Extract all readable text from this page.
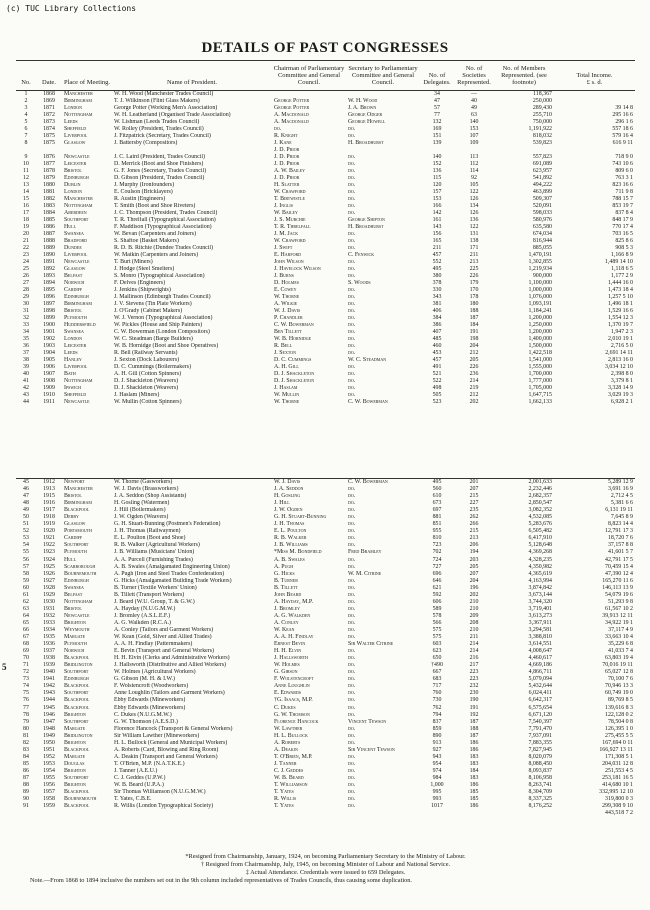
(c) TUC Library Collections
DETAILS OF PAST CONGRESSES
5
No.	Date.	Place of Meeting.	Name of President.	Chairman of Parliamentary Committee and General Council.	Secretary to Parliamentary Committee and General Council.	No. of Delegates.	No. of Societies Represented.	No. of Members Represented. (see footnote)	Total Income.
£ s. d.

1	1868	Manchester	W. H. Wood (Manchester Trades Council)			34	—	118,367	
2	1869	Birmingham	T. J. Wilkinson (Flint Glass Makers)	George Potter	W. H. Wood	47	40	250,000	
3	1871	London	George Potter (Working Men's Association)	George Potter	J. A. Brown	57	49	289,430	39 14 8
4	1872	Nottingham	W. H. Leatherland (Organised Trade Association)	A. Macdonald	George Odger	77	63	255,710	295 16 6
5	1873	Leeds	W. Lishman (Leeds Trades Council)	A. Macdonald	George Howell	132	140	750,000	296 1 6
6	1874	Sheffield	W. Rolley (President, Trades Council)	do.	do.	169	153	1,191,922	557 18 6
7	1875	Liverpool	J. Fitzpatrick (Secretary, Trades Council)	R. Knight	do.	151	107	818,032	579 16 4
8	1875	Glasgow	J. Battersby (Compositors)	J. Kane	H. Broadhurst	139	109	539,823	616 9 11
				J. D. Prior					
9	1876	Newcastle	J. C. Laird (President, Trades Council)	J. D. Prior	do.	140	113	557,823	718 9 0
10	1877	Leicester	D. Merrick (Boot and Shoe Finishers)	J. D. Prior	do.	152	112	691,089	743 10 6
11	1878	Bristol	G. F. Jones (Secretary, Trades Council)	A. W. Bailey	do.	136	114	623,957	809 6 0
12	1879	Edinburgh	D. Gibson (President, Trades Council)	J. D. Prior	do.	115	92	541,892	763 3 1
13	1880	Dublin	J. Murphy (Ironfounders)	H. Slatter	do.	120	105	494,222	823 16 6
14	1881	London	E. Coulson (Bricklayers)	W. Crawford	do.	157	122	463,899	711 9 8
15	1882	Manchester	R. Austin (Engineers)	T. Birtwistle	do.	153	126	509,307	788 15 7
16	1883	Nottingham	T. Smith (Boot and Shoe Riveters)	J. Inglis	do.	166	134	520,091	853 19 7
17	1884	Aberdeen	J. C. Thompson (President, Trades Council)	W. Bailey	do.	142	126	598,033	837 8 4
18	1885	Southport	T. R. Threlfall (Typographical Association)	J. S. Murchie	George Shipton	161	136	580,976	848 17 9
19	1886	Hull	F. Maddison (Typographical Association)	T. R. Threlfall	H. Broadhurst	143	122	635,580	770 17 4
20	1887	Swansea	W. Bevan (Carpenters and Joiners)	J. M. Jack	do.	156	131	674,034	703 16 5
21	1888	Bradford	S. Shaftoe (Basket Makers)	W. Crawford	do.	165	138	816,944	825 8 6
22	1889	Dundee	R. D. B. Ritchie (Dundee Trades Council)	J. Swift	do.	211	171	885,055	908 5 3
23	1890	Liverpool	W. Matkin (Carpenters and Joiners)	E. Harford	C. Fenwick	457	211	1,470,191	1,166 8 9
24	1891	Newcastle	T. Burt (Miners)	John Wilson	do.	552	213	1,302,855	1,489 14 10
25	1892	Glasgow	J. Hodge (Steel Smelters)	J. Havelock Wilson	do.	495	225	1,219,934	1,118 6 5
26	1893	Belfast	S. Monro (Typographical Association)	J. Burns	do.	380	226	900,000	1,177 2 9
27	1894	Norwich	F. Delves (Engineers)	D. Holmes	S. Woods	378	179	1,100,000	1,444 16 0
28	1895	Cardiff	J. Jenkins (Shipwrights)	E. Cowey	do.	330	170	1,000,000	1,473 18 4
29	1896	Edinburgh	J. Mallinson (Edinburgh Trades Council)	W. Thorne	do.	343	178	1,076,000	1,257 5 10
30	1897	Birmingham	J. V. Stevens (Tin Plate Workers)	A. Wilkie	do.	381	180	1,093,191	1,496 18 1
31	1898	Bristol	J. O'Grady (Cabinet Makers)	W. J. Davis	do.	406	188	1,184,241	1,529 16 6
32	1899	Plymouth	W. J. Vernon (Typographical Association)	P. Chandler	do.	384	187	1,200,000	1,554 12 3
33	1900	Huddersfield	W. Pickles (House and Ship Painters)	C. W. Bowerman	do.	386	184	1,250,000	1,370 19 7
34	1901	Swansea	C. W. Bowerman (London Compositors)	Ben Tillett	do.	407	191	1,200,000	1,947 2 3
35	1902	London	W. C. Steadman (Barge Builders)	W. B. Hornidge	do.	485	198	1,400,000	2,010 19 1
36	1903	Leicester	W. B. Hornidge (Boot and Shoe Operatives)	R. Bell	do.	460	204	1,500,000	2,716 5 0
37	1904	Leeds	R. Bell (Railway Servants)	J. Sexton	do.	453	212	1,422,518	2,691 14 11
38	1905	Hanley	J. Sexton (Dock Labourers)	D. C. Cummings	W. C. Steadman	457	205	1,541,000	2,813 16 0
39	1906	Liverpool	D. C. Cummings (Boilermakers)	A. H. Gill	do.	491	226	1,555,000	3,034 12 10
40	1907	Bath	A. H. Gill (Cotton Spinners)	D. J. Shackleton	do.	521	236	1,700,000	2,398 8 0
41	1908	Nottingham	D. J. Shackleton (Weavers)	D. J. Shackleton	do.	522	214	1,777,000	3,379 8 1
42	1909	Ipswich	D. J. Shackleton (Weavers)	J. Haslam	do.	498	219	1,705,000	3,328 14 9
43	1910	Sheffield	J. Haslam (Miners)	W. Mullin	do.	505	212	1,647,715	3,029 19 3
44	1911	Newcastle	W. Mullin (Cotton Spinners)	W. Thorne	C. W. Bowerman	523	202	1,662,133	6,928 2 1
45	1912	Newport	W. Thorne (Gasworkers)	W. J. Davis	C. W. Bowerman	495	201	2,001,633	5,289 12 9
46	1913	Manchester	W. J. Davis (Brassworkers)	J. A. Seddon	do.	560	207	2,232,446	3,691 16 9
47	1915	Bristol	J. A. Seddon (Shop Assistants)	H. Gosling	do.	610	215	2,682,357	2,712 4 5
48	1916	Birmingham	H. Gosling (Watermen)	J. Hill	do.	673	227	2,850,547	5,381 6 6
49	1917	Blackpool	J. Hill (Boilermakers)	J. W. Ogden	do.	697	235	3,082,352	6,131 19 11
50	1918	Derby	J. W. Ogden (Weavers)	G. H. Stuart-Bunning	do.	881	262	4,532,085	7,645 8 9
51	1919	Glasgow	G. H. Stuart-Bunning (Postmen's Federation)	J. H. Thomas	do.	851	266	5,283,676	8,823 14 4
52	1920	Portsmouth	J. H. Thomas (Railwaymen)	E. L. Poulton	do.	955	215	6,505,482	12,791 17 3
53	1921	Cardiff	E. L. Poulton (Boot and Shoe)	R. B. Walker	do.	810	213	6,417,910	18,720 7 6
54	1922	Southport	R. B. Walker (Agricultural Workers)	J. B. Williams	do.	723	206	5,128,648	37,157 8 8
55	1923	Plymouth	J. B. Williams (Musicians' Union)	*Miss M. Bondfield	Fred Bramley	702	194	4,369,268	41,601 5 7
56	1924	Hull	A. A. Purcell (Furnishing Trades)	A. B. Swales	do.	724	203	4,328,235	42,791 17 5
57	1925	Scarborough	A. B. Swales (Amalgamated Engineering Union)	A. Pugh	do.	727	205	4,350,982	70,459 15 4
58	1926	Bournemouth	A. Pugh (Iron and Steel Trades Confederation)	G. Hicks	W. M. Citrine	696	207	4,365,619	47,390 12 4
59	1927	Edinburgh	G. Hicks (Amalgamated Building Trade Workers)	B. Turner	do.	646	204	4,163,994	165,270 11 6
60	1928	Swansea	B. Turner (Textile Workers' Union)	B. Tillett	do.	621	196	3,874,842	146,113 13 9
61	1929	Belfast	B. Tillett (Transport Workers)	John Beard	do.	592	202	3,673,144	54,079 19 6
62	1930	Nottingham	J. Beard (W.U. Group, T. & G.W.)	A. Hayday, M.P.	do.	606	210	3,744,320	51,293 9 8
63	1931	Bristol	A. Hayday (N.U.G.M.W.)	J. Bromley	do.	589	210	3,719,401	61,567 10 2
64	1932	Newcastle	J. Bromley (A.S.L.E.F.)	A. G. Walkden	do.	578	209	3,613,273	39,913 12 11
65	1933	Brighton	A. G. Walkden (R.C.A.)	A. Conley	do.	566	208	3,367,911	34,922 19 1
66	1934	Weymouth	A. Conley (Tailors and Garment Workers)	W. Kean	do.	575	210	3,294,581	37,117 4 9
67	1935	Margate	W. Kean (Gold, Silver and Allied Trades)	A. A. H. Findlay	do.	575	211	3,388,810	33,663 10 4
68	1936	Plymouth	A. A. H. Findlay (Patternmakers)	Ernest Bevin	Sir Walter Citrine	603	214	3,614,551	35,229 6 8
69	1937	Norwich	E. Bevin (Transport and General Workers)	H. H. Elvin	do.	623	214	4,008,647	41,033 7 4
70	1938	Blackpool	H. H. Elvin (Clerks and Administrative Workers)	J. Hallsworth	do.	650	216	4,460,617	63,803 19 4
71	1939	Bridlington	J. Hallsworth (Distributive and Allied Workers)	W. Holmes	do.	†490	217	4,669,186	70,016 19 11
72	1940	Southport	W. Holmes (Agricultural Workers)	G. Gibson	do.	667	223	4,866,711	65,027 12 8
73	1941	Edinburgh	G. Gibson (M. H. & I.W.)	F. Wolstencroft	do.	683	223	5,079,094	70,100 7 6
74	1942	Blackpool	F. Wolstencroft (Woodworkers)	Anne Loughlin	do.	717	232	5,432,644	70,946 13 3
75	1943	Southport	Anne Loughlin (Tailors and Garment Workers)	E. Edwards	do.	760	230	6,024,411	60,749 19 0
76	1944	Blackpool	Ebby Edwards (Mineworkers)	†G. Isaacs, M.P.	do.	730	190	6,642,317	89,769 8 5
77	1945	Blackpool	Ebby Edwards (Mineworkers)	C. Dukes	do.	762	191	6,575,654	139,616 8 3
78	1946	Brighton	C. Dukes (N.U.G.M.W.)	G. W. Thomson	do.	794	192	6,671,120	122,128 0 2
79	1947	Southport	G. W. Thomson (A.E.S.D.)	Florence Hancock	Vincent Tewson	837	187	7,540,397	78,504 0 8
80	1948	Margate	Florence Hancock (Transport & General Workers)	W. Lawther	do.	859	188	7,791,470	126,395 1 0
81	1949	Bridlington	Sir William Lawther (Mineworkers)	H. L. Bullock	do.	890	187	7,937,091	275,455 5 5
82	1950	Brighton	H. L. Bullock (General and Municipal Workers)	A. Roberts	do.	913	186	7,883,355	167,694 0 11
83	1951	Blackpool	A. Roberts (Card, Blowing and Ring Room)	A. Deakin	Sir Vincent Tewson	927	186	7,827,945	166,927 13 11
84	1952	Margate	A. Deakin (Transport and General Workers)	T. O'Brien, M.P.	do.	943	183	8,020,079	171,308 5 1
85	1953	Douglas	T. O'Brien, M.P. (N.A.T.K.E.)	J. Tanner	do.	954	183	8,088,450	204,031 12 8
86	1954	Brighton	J. Tanner (A.E.U.)	C. J. Geddes	do.	974	184	8,093,837	251,553 4 5
87	1955	Southport	C. J. Geddes (U.P.W.)	W. B. Beard	do.	984	183	8,106,958	253,181 16 5
88	1956	Brighton	W. B. Beard (U.P.A.)	T. Williamson	do.	1,000	186	8,263,741	414,680 10 1
89	1957	Blackpool	Sir Thomas Williamson (N.U.G.M.W.)	T. Yates	do.	995	185	8,304,709	332,995 12 10
90	1958	Bournemouth	T. Yates, C.B.E.	R. Willis	do.	993	185	8,337,325	319,800 0 3
91	1959	Blackpool	R. Willis (London Typographical Society)	T. Yates	do.	1017	186	8,176,252	299,308 9 10
									443,518 7 2
*Resigned from Chairmanship, January, 1924, on becoming Parliamentary Secretary to the Ministry of Labour.
† Resigned from Chairmanship, July, 1945, on becoming Minister of Labour and National Service.
‡ Actual Attendance. Credentials were issued to 659 Delegates.
Note.—From 1868 to 1894 inclusive the numbers set out in the 9th column included representatives of Trades Councils, thus causing some duplication.
